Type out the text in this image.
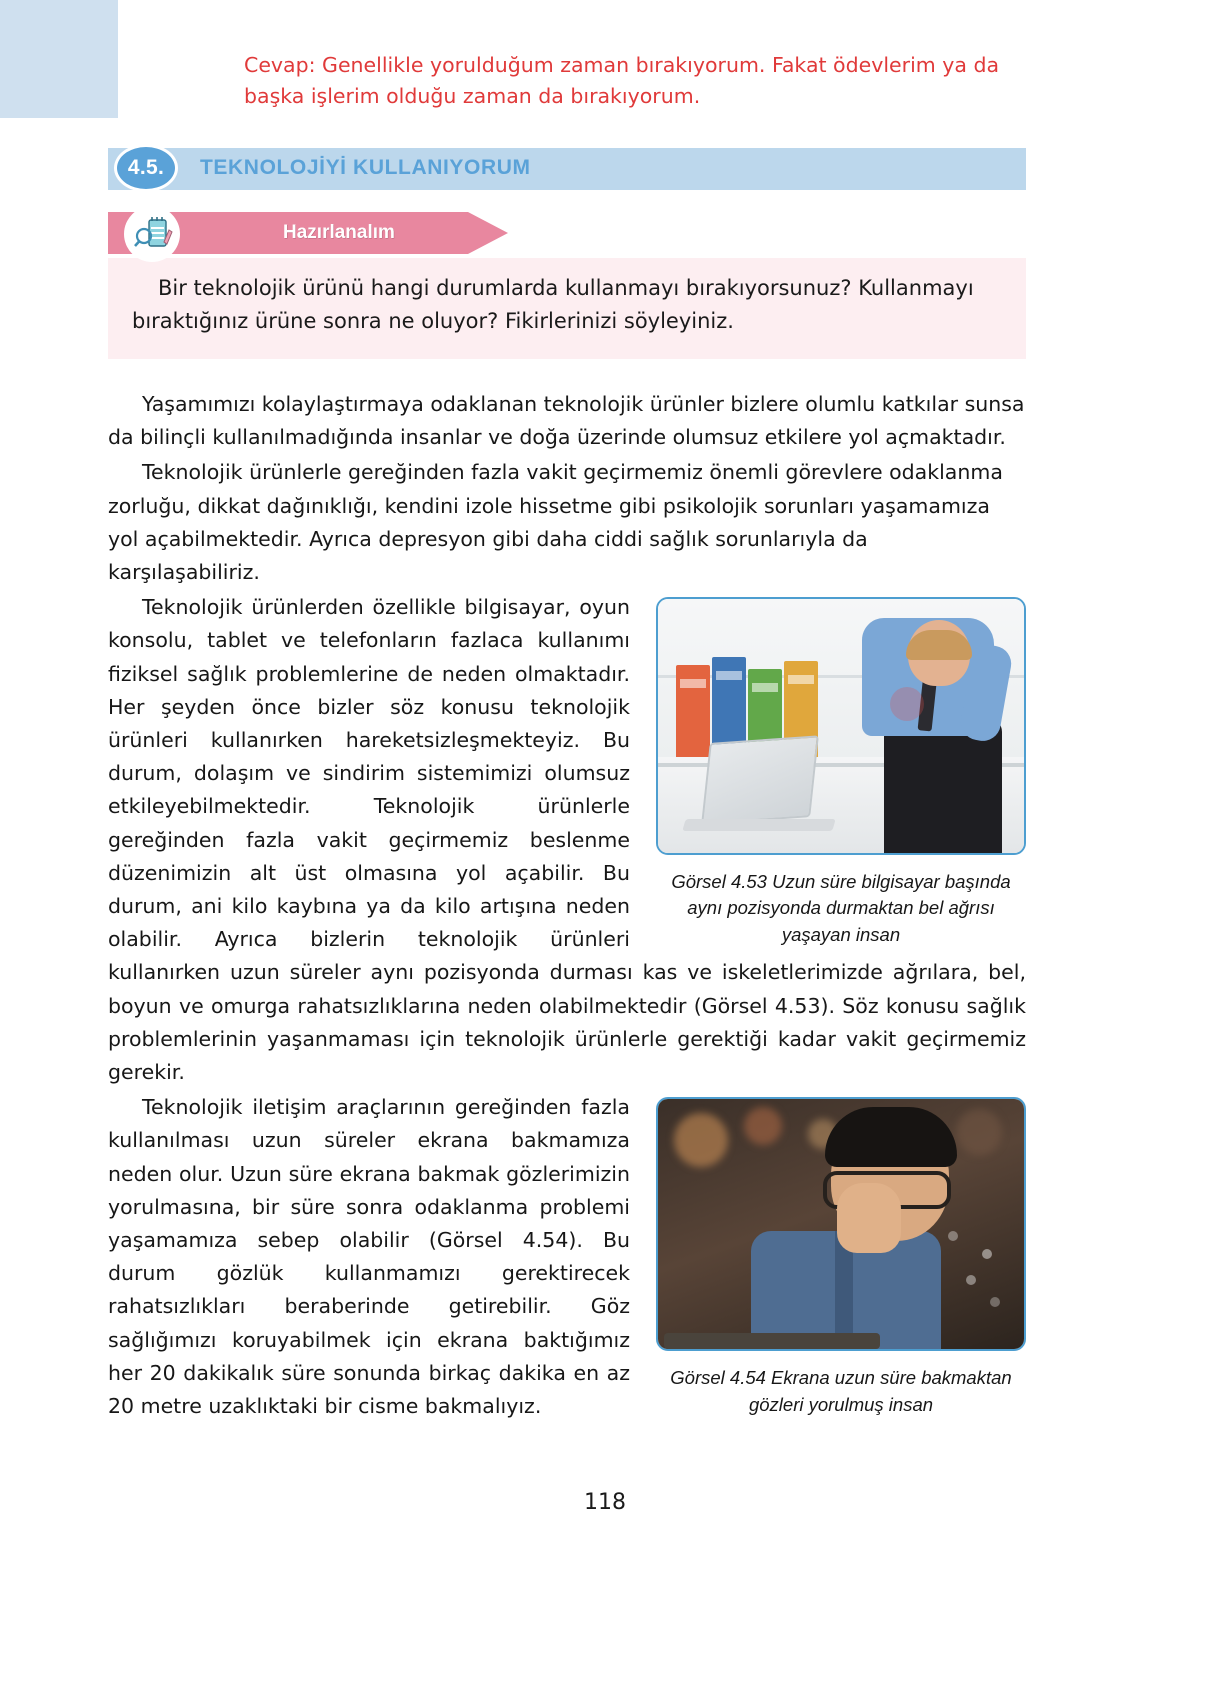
Cevap: Genellikle yorulduğum zaman bırakıyorum. Fakat ödevlerim ya da başka işlerim olduğu zaman da bırakıyorum.
4.5.	TEKNOLOJİYİ KULLANIYORUM
Hazırlanalım
Bir teknolojik ürünü hangi durumlarda kullanmayı bırakıyorsunuz? Kullanmayı bıraktığınız ürüne sonra ne oluyor? Fikirlerinizi söyleyiniz.

Yaşamımızı kolaylaştırmaya odaklanan teknolojik ürünler bizlere olumlu katkılar sunsa da bilinçli kullanılmadığında insanlar ve doğa üzerinde olumsuz etkilere yol açmaktadır.

Teknolojik ürünlerle gereğinden fazla vakit geçirmemiz önemli görevlere odaklanma zorluğu, dikkat dağınıklığı, kendini izole hissetme gibi psikolojik sorunları yaşamamıza yol açabilmektedir. Ayrıca depresyon gibi daha ciddi sağlık sorunlarıyla da karşılaşabiliriz.

Görsel 4.53 Uzun süre bilgisayar başında aynı pozisyonda durmaktan bel ağrısı yaşayan insan

Teknolojik ürünlerden özellikle bilgisayar, oyun konsolu, tablet ve telefonların fazlaca kullanımı fiziksel sağlık problemlerine de neden olmaktadır. Her şeyden önce bizler söz konusu teknolojik ürünleri kullanırken hareketsizleşmekteyiz. Bu durum, dolaşım ve sindirim sistemimizi olumsuz etkileyebilmektedir. Teknolojik ürünlerle gereğinden fazla vakit geçirmemiz beslenme düzenimizin alt üst olmasına yol açabilir. Bu durum, ani kilo kaybına ya da kilo artışına neden olabilir. Ayrıca bizlerin teknolojik ürünleri kullanırken uzun süreler aynı pozisyonda durması kas ve iskeletlerimizde ağrılara, bel, boyun ve omurga rahatsızlıklarına neden olabilmektedir (Görsel 4.53). Söz konusu sağlık problemlerinin yaşanmaması için teknolojik ürünlerle gerektiği kadar vakit geçirmemiz gerekir.

Görsel 4.54 Ekrana uzun süre bakmaktan gözleri yorulmuş insan

Teknolojik iletişim araçlarının gereğinden fazla kullanılması uzun süreler ekrana bakmamıza neden olur. Uzun süre ekrana bakmak gözlerimizin yorulmasına, bir süre sonra odaklanma problemi yaşamamıza sebep olabilir (Görsel 4.54). Bu durum gözlük kullanmamızı gerektirecek rahatsızlıkları beraberinde getirebilir. Göz sağlığımızı koruyabilmek için ekrana baktığımız her 20 dakikalık süre sonunda birkaç dakika en az 20 metre uzaklıktaki bir cisme bakmalıyız.

118
